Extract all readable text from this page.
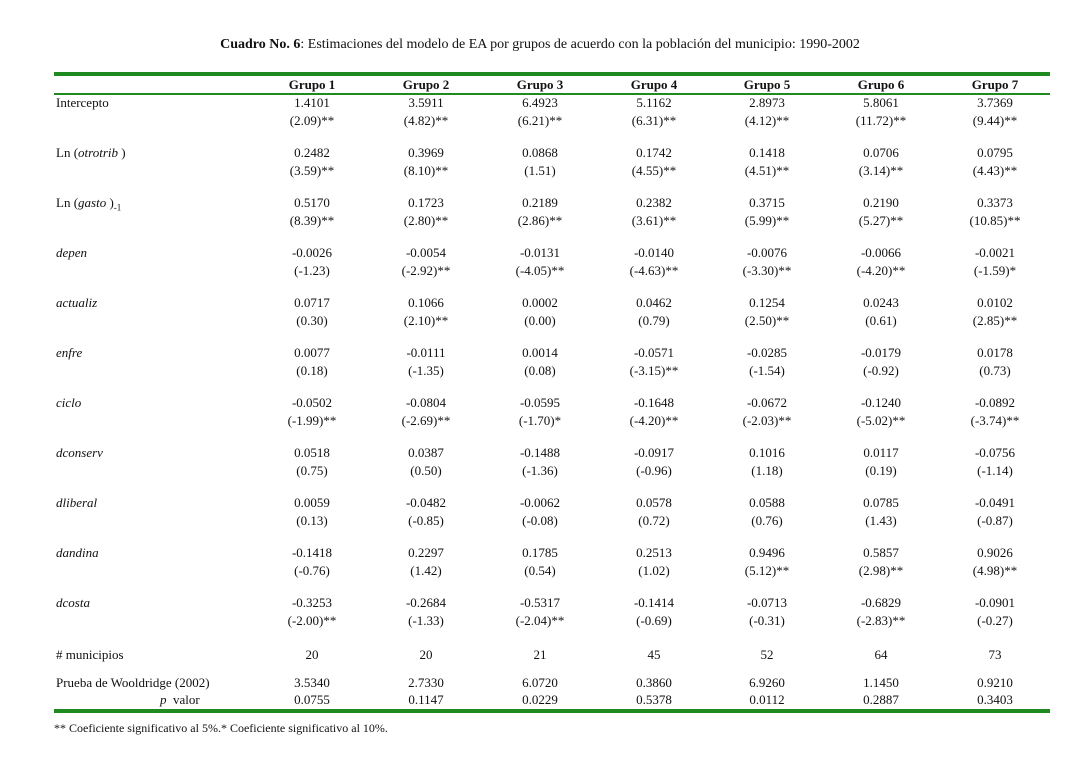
Cuadro No. 6: Estimaciones del modelo de EA por grupos de acuerdo con la población del municipio: 1990-2002
Grupo 1	Grupo 2	Grupo 3	Grupo 4	Grupo 5	Grupo 6	Grupo 7
Intercepto	1.4101	3.5911	6.4923	5.1162	2.8973	5.8061	3.7369
(2.09)**	(4.82)**	(6.21)**	(6.31)**	(4.12)**	(11.72)**	(9.44)**
Ln (otrotrib )	0.2482	0.3969	0.0868	0.1742	0.1418	0.0706	0.0795
(3.59)**	(8.10)**	(1.51)	(4.55)**	(4.51)**	(3.14)**	(4.43)**
Ln (gasto )$_{-1}$	0.5170	0.1723	0.2189	0.2382	0.3715	0.2190	0.3373
(8.39)**	(2.80)**	(2.86)**	(3.61)**	(5.99)**	(5.27)**	(10.85)**
depen	-0.0026	-0.0054	-0.0131	-0.0140	-0.0076	-0.0066	-0.0021
(-1.23)	(-2.92)**	(-4.05)**	(-4.63)**	(-3.30)**	(-4.20)**	(-1.59)*
actualiz	0.0717	0.1066	0.0002	0.0462	0.1254	0.0243	0.0102
(0.30)	(2.10)**	(0.00)	(0.79)	(2.50)**	(0.61)	(2.85)**
enfre	0.0077	-0.0111	0.0014	-0.0571	-0.0285	-0.0179	0.0178
(0.18)	(-1.35)	(0.08)	(-3.15)**	(-1.54)	(-0.92)	(0.73)
ciclo	-0.0502	-0.0804	-0.0595	-0.1648	-0.0672	-0.1240	-0.0892
(-1.99)**	(-2.69)**	(-1.70)*	(-4.20)**	(-2.03)**	(-5.02)**	(-3.74)**
dconserv	0.0518	0.0387	-0.1488	-0.0917	0.1016	0.0117	-0.0756
(0.75)	(0.50)	(-1.36)	(-0.96)	(1.18)	(0.19)	(-1.14)
dliberal	0.0059	-0.0482	-0.0062	0.0578	0.0588	0.0785	-0.0491
(0.13)	(-0.85)	(-0.08)	(0.72)	(0.76)	(1.43)	(-0.87)
dandina	-0.1418	0.2297	0.1785	0.2513	0.9496	0.5857	0.9026
(-0.76)	(1.42)	(0.54)	(1.02)	(5.12)**	(2.98)**	(4.98)**
dcosta	-0.3253	-0.2684	-0.5317	-0.1414	-0.0713	-0.6829	-0.0901
(-2.00)**	(-1.33)	(-2.04)**	(-0.69)	(-0.31)	(-2.83)**	(-0.27)
# municipios	20	20	21	45	52	64	73
Prueba de Wooldridge (2002)	3.5340	2.7330	6.0720	0.3860	6.9260	1.1450	0.9210
p  valor	0.0755	0.1147	0.0229	0.5378	0.0112	0.2887	0.3403
** Coeficiente significativo al 5%.* Coeficiente significativo al 10%.
